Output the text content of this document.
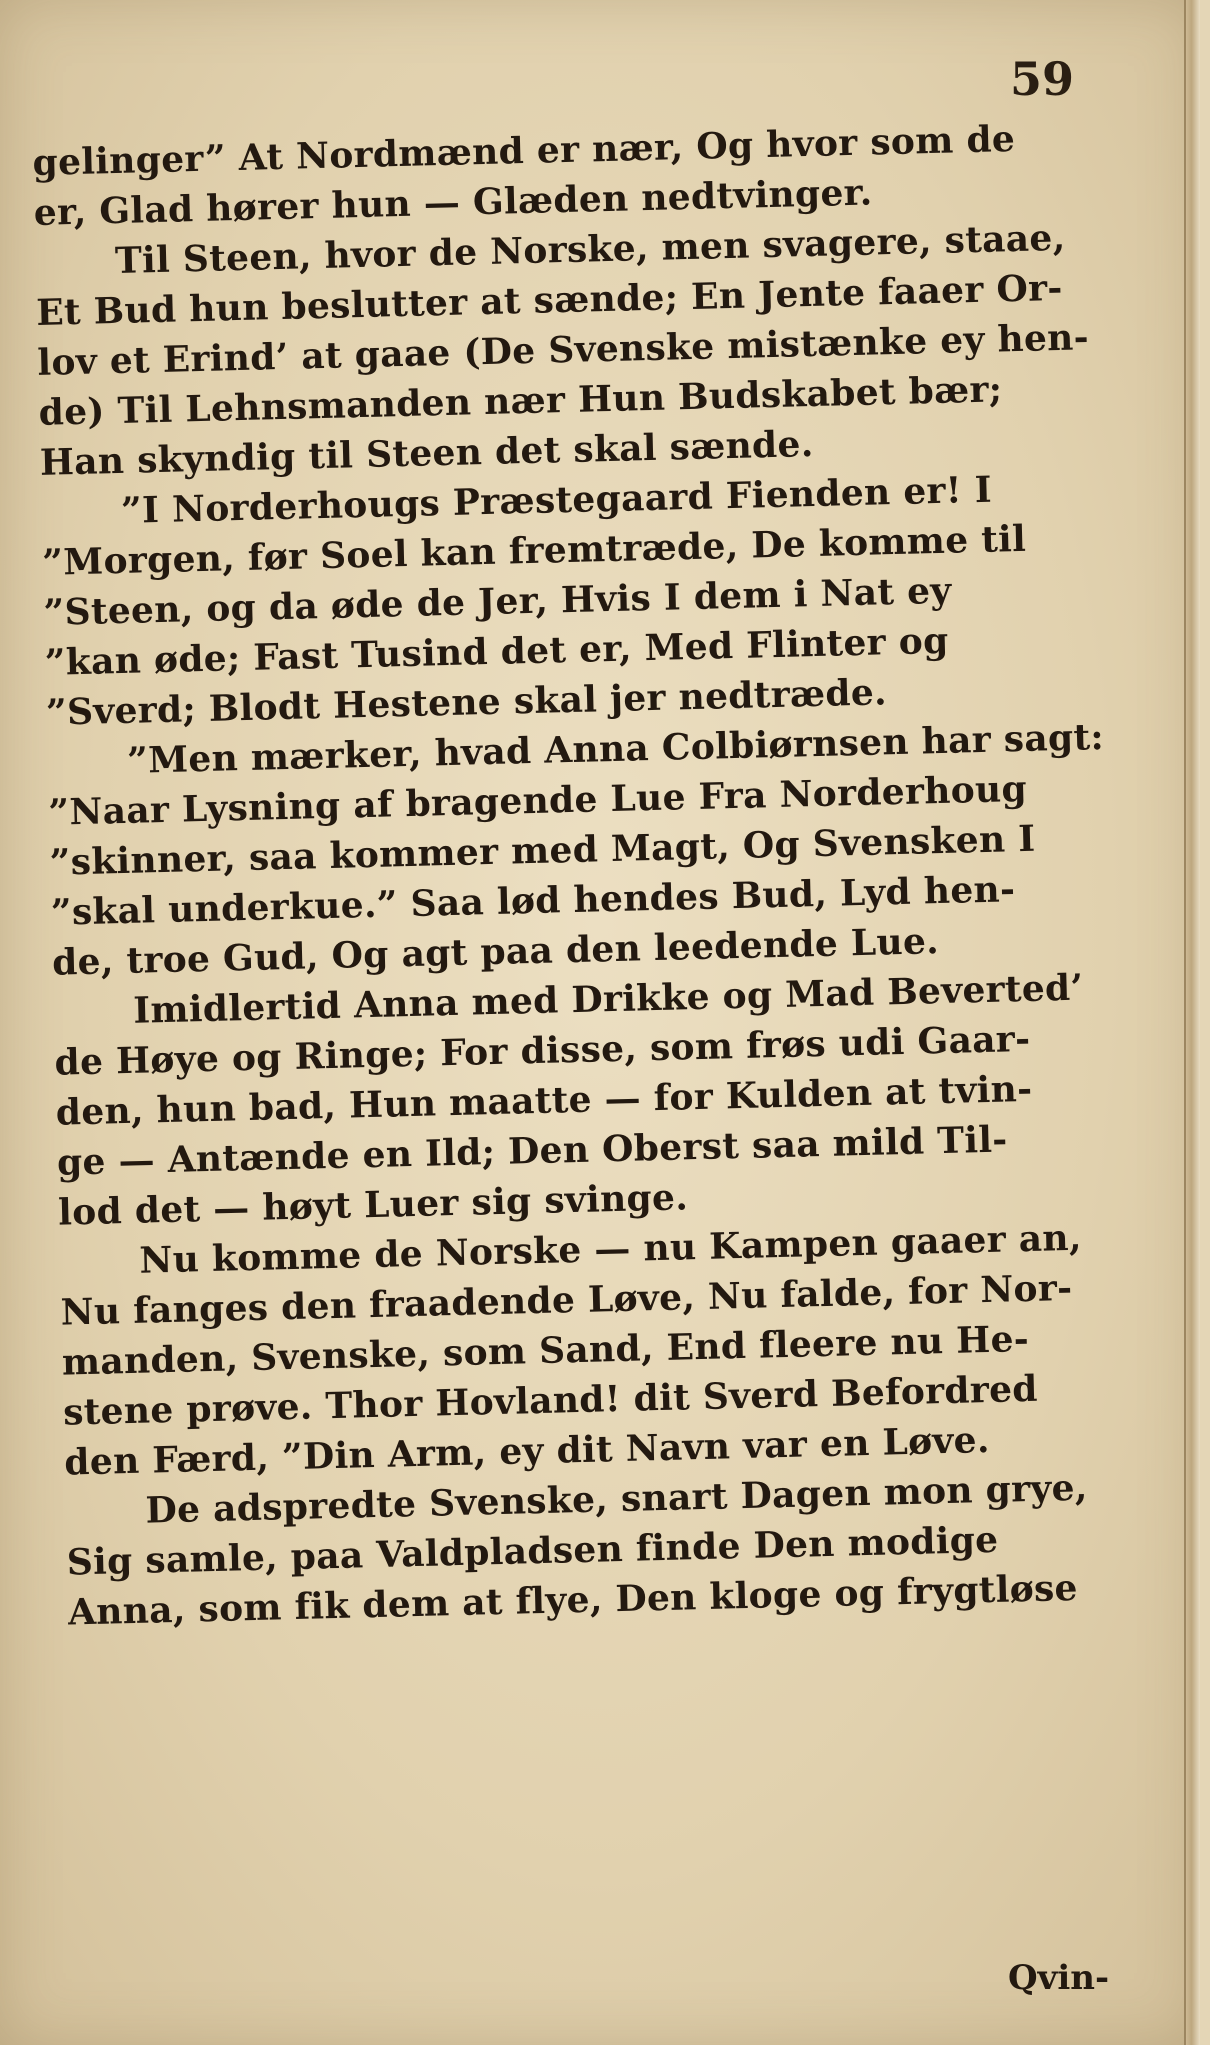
59
gelinger” At Nordmænd er nær, Og hvor som de
er, Glad hører hun — Glæden nedtvinger.
Til Steen, hvor de Norske, men svagere, staae,
Et Bud hun beslutter at sænde; En Jente faaer Or-
lov et Erind’ at gaae (De Svenske mistænke ey hen-
de) Til Lehnsmanden nær Hun Budskabet bær;
Han skyndig til Steen det skal sænde.
”I Norderhougs Præstegaard Fienden er! I
”Morgen, før Soel kan fremtræde, De komme til
”Steen, og da øde de Jer, Hvis I dem i Nat ey
”kan øde; Fast Tusind det er, Med Flinter og
”Sverd; Blodt Hestene skal jer nedtræde.
”Men mærker, hvad Anna Colbiørnsen har sagt:
”Naar Lysning af bragende Lue Fra Norderhoug
”skinner, saa kommer med Magt, Og Svensken I
”skal underkue.” Saa lød hendes Bud, Lyd hen-
de, troe Gud, Og agt paa den leedende Lue.
Imidlertid Anna med Drikke og Mad Beverted’
de Høye og Ringe; For disse, som frøs udi Gaar-
den, hun bad, Hun maatte — for Kulden at tvin-
ge — Antænde en Ild; Den Oberst saa mild Til-
lod det — høyt Luer sig svinge.
Nu komme de Norske — nu Kampen gaaer an,
Nu fanges den fraadende Løve, Nu falde, for Nor-
manden, Svenske, som Sand, End fleere nu He-
stene prøve. Thor Hovland! dit Sverd Befordred
den Færd, ”Din Arm, ey dit Navn var en Løve.
De adspredte Svenske, snart Dagen mon grye,
Sig samle, paa Valdpladsen finde Den modige
Anna, som fik dem at flye, Den kloge og frygtløse
Qvin-
